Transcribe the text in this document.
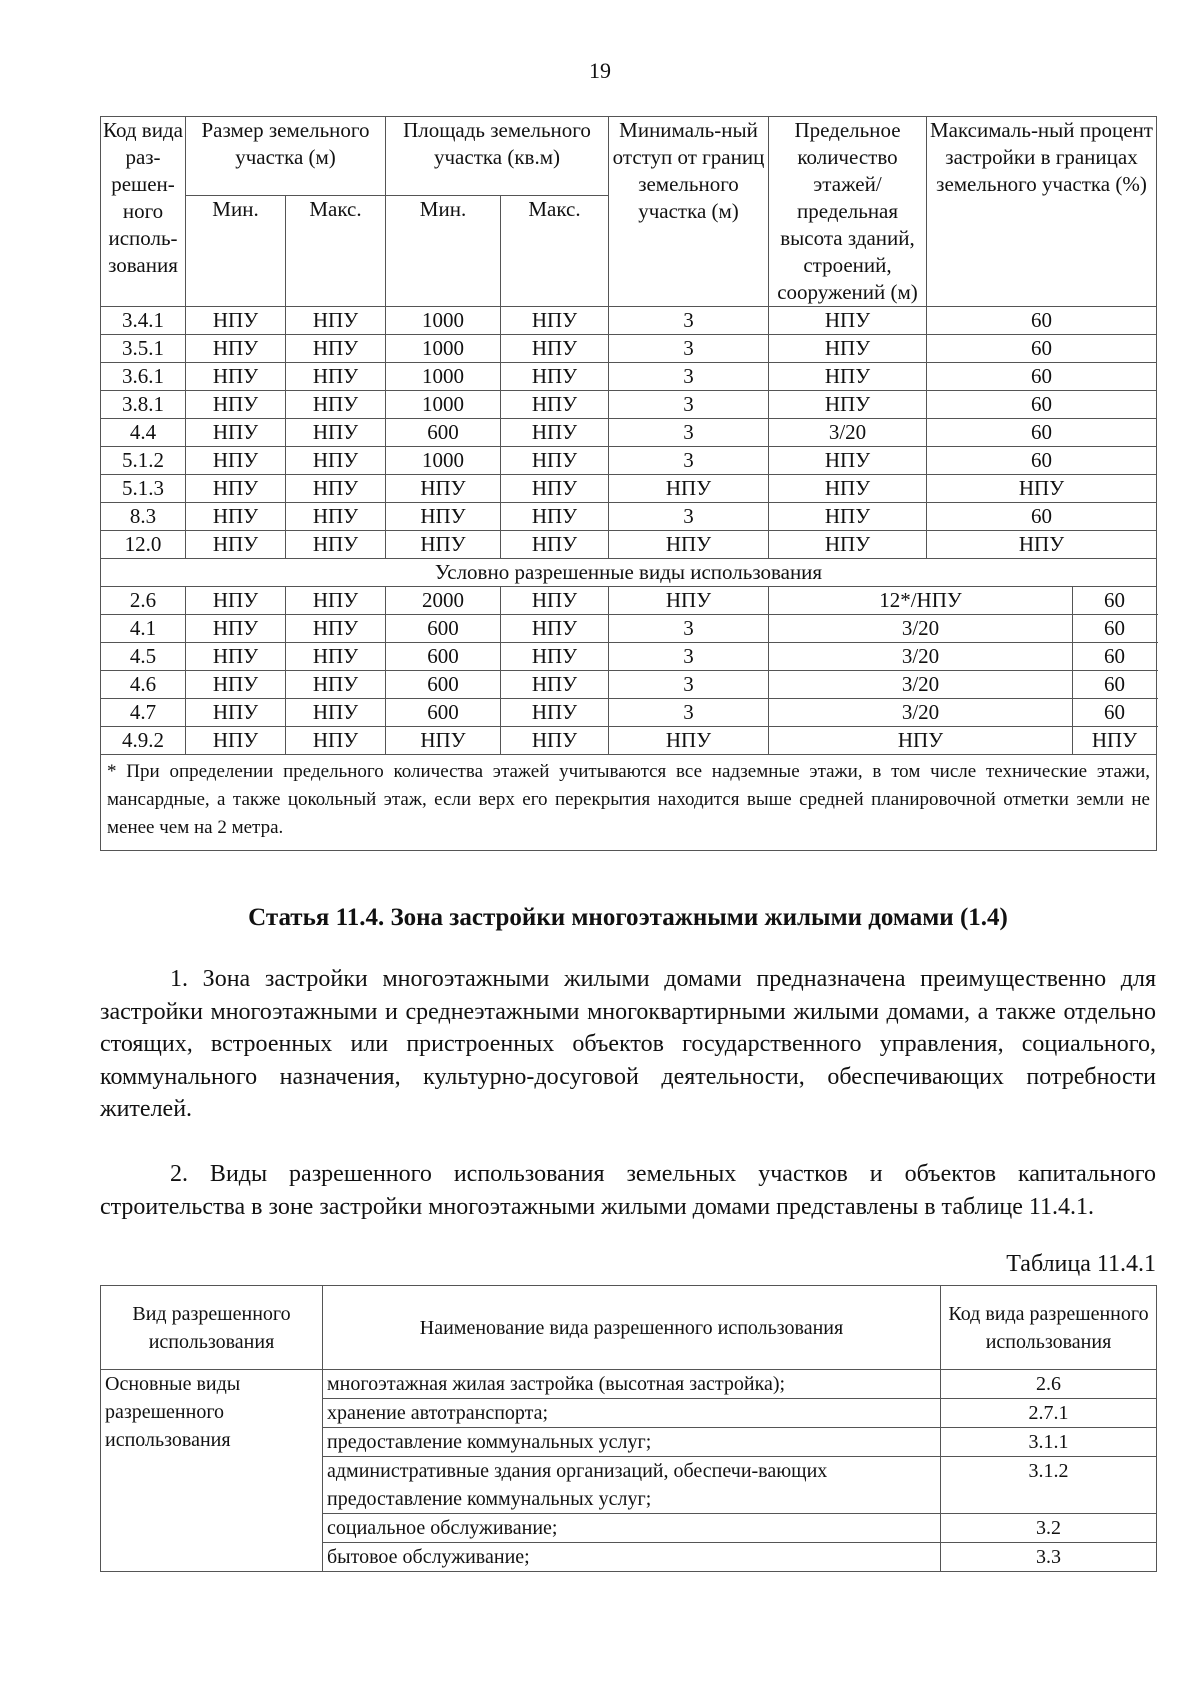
19
Код вида раз-решен-ного исполь-зования	Размер земельного участка (м)		Площадь земельного участка (кв.м)		Минималь-ный отступ от границ земельного участка (м)	Предельное количество этажей/ предельная высота зданий, строений, сооружений (м)	Максималь-ный процент застройки в границах земельного участка (%)	
	Мин.	Макс.	Мин.	Макс.				
3.4.1	НПУ	НПУ	1000	НПУ	3	НПУ	60	
3.5.1	НПУ	НПУ	1000	НПУ	3	НПУ	60	
3.6.1	НПУ	НПУ	1000	НПУ	3	НПУ	60	
3.8.1	НПУ	НПУ	1000	НПУ	3	НПУ	60	
4.4	НПУ	НПУ	600	НПУ	3	3/20	60	
5.1.2	НПУ	НПУ	1000	НПУ	3	НПУ	60	
5.1.3	НПУ	НПУ	НПУ	НПУ	НПУ	НПУ	НПУ	
8.3	НПУ	НПУ	НПУ	НПУ	3	НПУ	60	
12.0	НПУ	НПУ	НПУ	НПУ	НПУ	НПУ	НПУ	
Условно разрешенные виды использования								
2.6	НПУ	НПУ	2000	НПУ	НПУ	12*/НПУ		60
4.1	НПУ	НПУ	600	НПУ	3	3/20		60
4.5	НПУ	НПУ	600	НПУ	3	3/20		60
4.6	НПУ	НПУ	600	НПУ	3	3/20		60
4.7	НПУ	НПУ	600	НПУ	3	3/20		60
4.9.2	НПУ	НПУ	НПУ	НПУ	НПУ	НПУ		НПУ
* При определении предельного количества этажей учитываются все надземные этажи, в том числе технические этажи, мансардные, а также цокольный этаж, если верх его перекрытия находится выше средней планировочной отметки земли не менее чем на 2 метра.								
Статья 11.4. Зона застройки многоэтажными жилыми домами (1.4)

1. Зона застройки многоэтажными жилыми домами предназначена преимущественно для застройки многоэтажными и среднеэтажными многоквартирными жилыми домами, а также отдельно стоящих, встроенных или пристроенных объектов государственного управления, социального, коммунального назначения, культурно-досуговой деятельности, обеспечивающих потребности жителей.

2. Виды разрешенного использования земельных участков и объектов капитального строительства в зоне застройки многоэтажными жилыми домами представлены в таблице 11.4.1.

Таблица 11.4.1
Вид разрешенного использования	Наименование вида разрешенного использования	Код вида разрешенного использования
Основные виды разрешенного использования	многоэтажная жилая застройка (высотная застройка);	2.6
	хранение автотранспорта;	2.7.1
	предоставление коммунальных услуг;	3.1.1
	административные здания организаций, обеспечи-вающих предоставление коммунальных услуг;	3.1.2
	социальное обслуживание;	3.2
	бытовое обслуживание;	3.3
